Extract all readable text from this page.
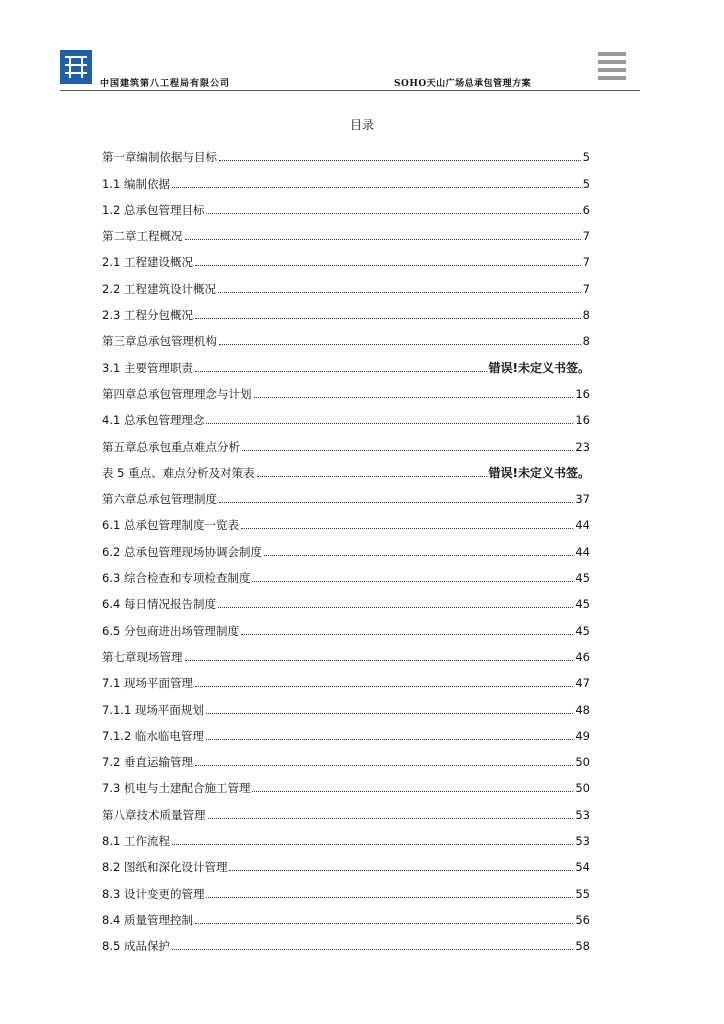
中国建筑第八工程局有限公司	SOHO天山广场总承包管理方案
目录
第一章编制依据与目标	5
1.1 编制依据	5
1.2 总承包管理目标	6
第二章工程概况	7
2.1 工程建设概况	7
2.2 工程建筑设计概况	7
2.3 工程分包概况	8
第三章总承包管理机构	8
3.1 主要管理职责	错误!未定义书签。
第四章总承包管理理念与计划	16
4.1 总承包管理理念	16
第五章总承包重点难点分析	23
表 5 重点、难点分析及对策表	错误!未定义书签。
第六章总承包管理制度	37
6.1 总承包管理制度一览表	44
6.2 总承包管理现场协调会制度	44
6.3 综合检查和专项检查制度	45
6.4 每日情况报告制度	45
6.5 分包商进出场管理制度	45
第七章现场管理	46
7.1 现场平面管理	47
7.1.1 现场平面规划	48
7.1.2 临水临电管理	49
7.2 垂直运输管理	50
7.3 机电与土建配合施工管理	50
第八章技术质量管理	53
8.1 工作流程	53
8.2 图纸和深化设计管理	54
8.3 设计变更的管理	55
8.4 质量管理控制	56
8.5 成品保护	58
